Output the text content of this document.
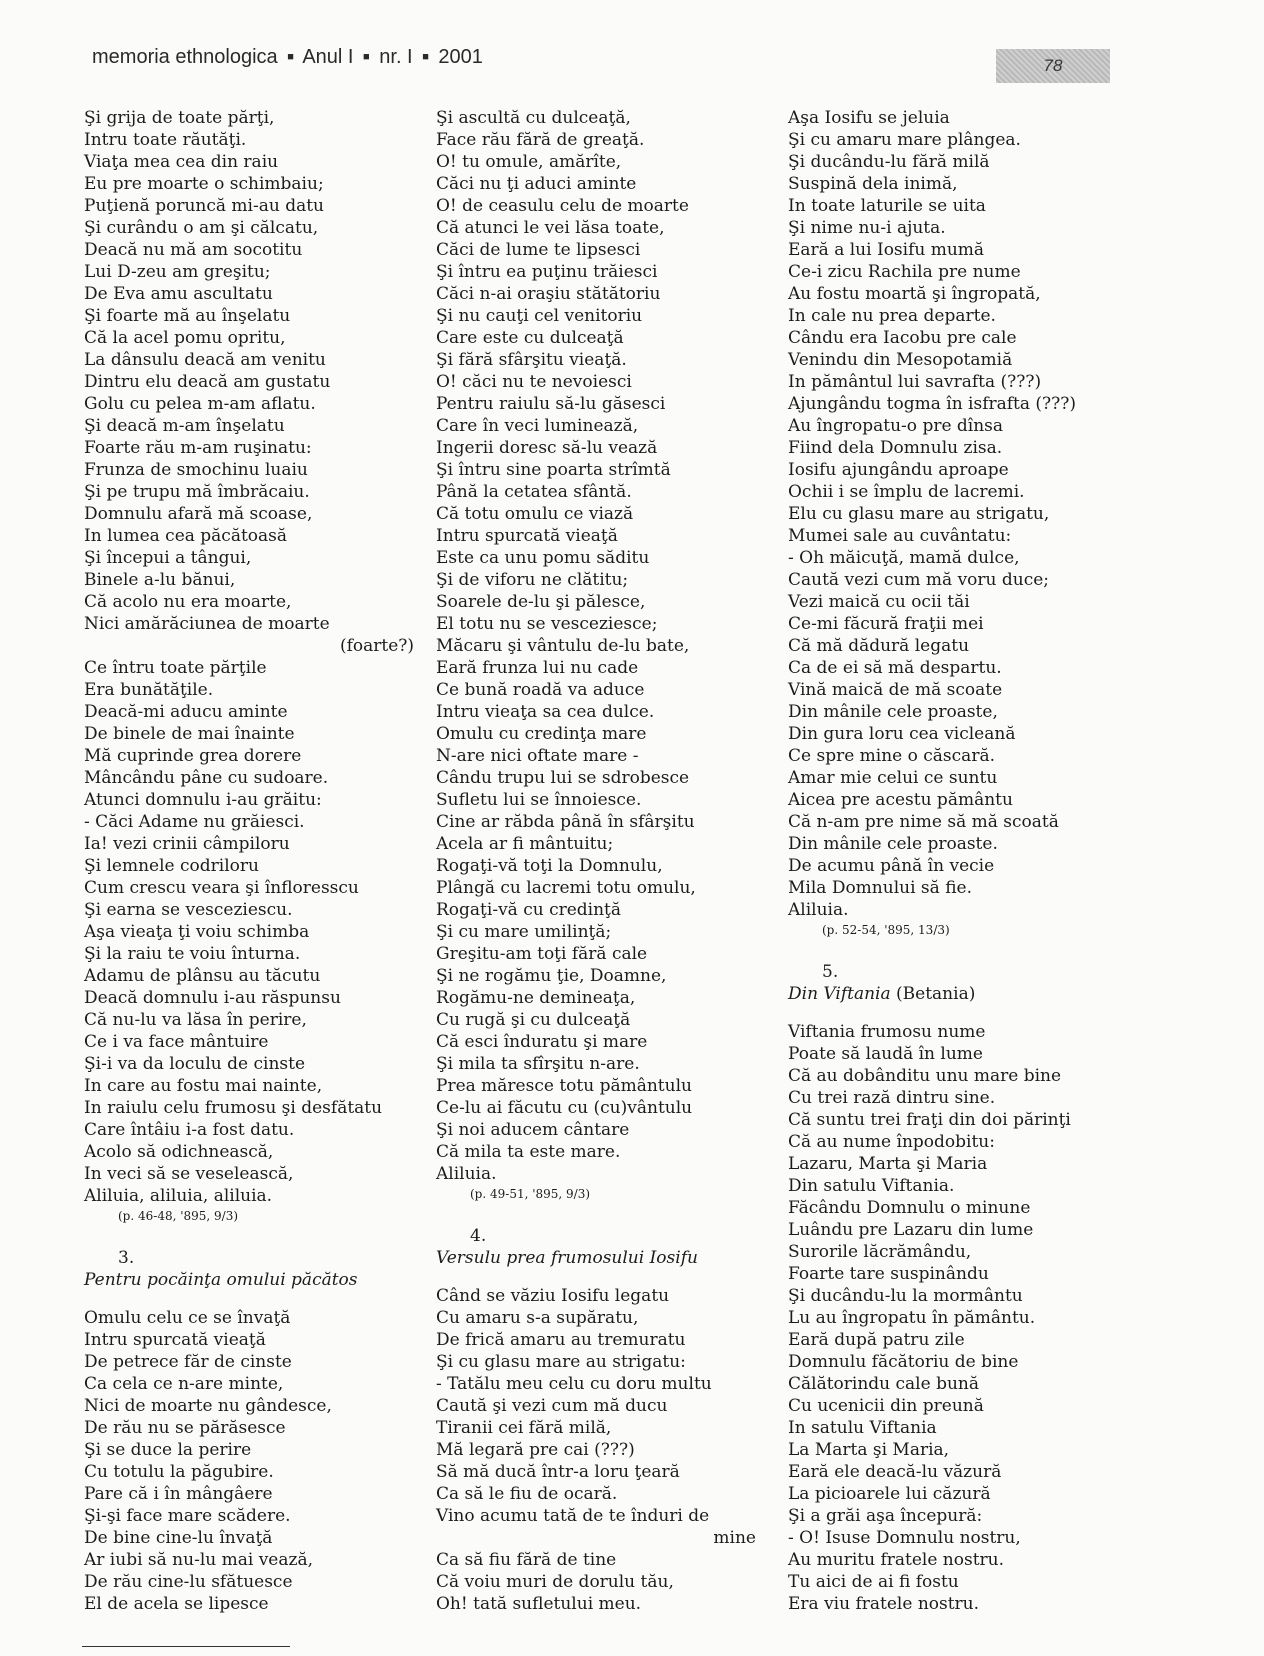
memoria ethnologica ■ Anul I ■ nr. I ■ 2001	78
Şi grija de toate părţi,
Intru toate răutăţi.
Viaţa mea cea din raiu
Eu pre moarte o schimbaiu;
Puţienă poruncă mi-au datu
Şi curându o am şi călcatu,
Deacă nu mă am socotitu
Lui D-zeu am greşitu;
De Eva amu ascultatu
Şi foarte mă au înşelatu
Că la acel pomu opritu,
La dânsulu deacă am venitu
Dintru elu deacă am gustatu
Golu cu pelea m-am aflatu.
Şi deacă m-am înşelatu
Foarte rău m-am ruşinatu:
Frunza de smochinu luaiu
Şi pe trupu mă îmbrăcaiu.
Domnulu afară mă scoase,
In lumea cea păcătoasă
Şi începui a tângui,
Binele a-lu bănui,
Că acolo nu era moarte,
Nici amărăciunea de moarte
(foarte?)
Ce întru toate părţile
Era bunătăţile.
Deacă-mi aducu aminte
De binele de mai înainte
Mă cuprinde grea dorere
Mâncându pâne cu sudoare.
Atunci domnulu i-au grăitu:
- Căci Adame nu grăiesci.
Ia! vezi crinii câmpiloru
Şi lemnele codriloru
Cum crescu veara şi înfloresscu
Şi earna se vesceziescu.
Aşa vieaţa ţi voiu schimba
Şi la raiu te voiu înturna.
Adamu de plânsu au tăcutu
Deacă domnulu i-au răspunsu
Că nu-lu va lăsa în perire,
Ce i va face mântuire
Şi-i va da loculu de cinste
In care au fostu mai nainte,
In raiulu celu frumosu şi desfătatu
Care întâiu i-a fost datu.
Acolo să odichnească,
In veci să se veselească,
Aliluia, aliluia, aliluia.
(p. 46-48, '895, 9/3)
3.
Pentru pocăinţa omului păcătos
Omulu celu ce se învaţă
Intru spurcată vieaţă
De petrece făr de cinste
Ca cela ce n-are minte,
Nici de moarte nu gândesce,
De rău nu se părăsesce
Şi se duce la perire
Cu totulu la păgubire.
Pare că i în mângâere
Şi-şi face mare scădere.
De bine cine-lu învaţă
Ar iubi să nu-lu mai vează,
De rău cine-lu sfătuesce
El de acela se lipesce
Şi ascultă cu dulceaţă,
Face rău fără de greaţă.
O! tu omule, amărîte,
Căci nu ţi aduci aminte
O! de ceasulu celu de moarte
Că atunci le vei lăsa toate,
Căci de lume te lipsesci
Şi întru ea puţinu trăiesci
Căci n-ai oraşiu stătătoriu
Şi nu cauţi cel venitoriu
Care este cu dulceaţă
Şi fără sfârşitu vieaţă.
O! căci nu te nevoiesci
Pentru raiulu să-lu găsesci
Care în veci luminează,
Ingerii doresc să-lu vează
Şi întru sine poarta strîmtă
Până la cetatea sfântă.
Că totu omulu ce viază
Intru spurcată vieaţă
Este ca unu pomu săditu
Şi de viforu ne clătitu;
Soarele de-lu şi pălesce,
El totu nu se vesceziesce;
Măcaru şi vântulu de-lu bate,
Eară frunza lui nu cade
Ce bună roadă va aduce
Intru vieaţa sa cea dulce.
Omulu cu credinţa mare
N-are nici oftate mare -
Cându trupu lui se sdrobesce
Sufletu lui se înnoiesce.
Cine ar răbda până în sfârşitu
Acela ar fi mântuitu;
Rogaţi-vă toţi la Domnulu,
Plângă cu lacremi totu omulu,
Rogaţi-vă cu credinţă
Şi cu mare umilinţă;
Greşitu-am toţi fără cale
Şi ne rogămu ţie, Doamne,
Rogămu-ne demineaţa,
Cu rugă şi cu dulceaţă
Că esci înduratu şi mare
Şi mila ta sfîrşitu n-are.
Prea mărescе totu pământulu
Ce-lu ai făcutu cu (cu)vântulu
Şi noi aducem cântare
Că mila ta este mare.
Aliluia.
(p. 49-51, '895, 9/3)
4.
Versulu prea frumosului Iosifu
Când se văziu Iosifu legatu
Cu amaru s-a supăratu,
De frică amaru au tremuratu
Şi cu glasu mare au strigatu:
- Tatălu meu celu cu doru multu
Caută şi vezi cum mă ducu
Tiranii cei fără milă,
Mă legară pre cai (???)
Să mă ducă într-a loru ţeară
Ca să le fiu de ocară.
Vino acumu tată de te înduri de
mine
Ca să fiu fără de tine
Că voiu muri de dorulu tău,
Oh! tată sufletului meu.
Aşa Iosifu se jeluia
Şi cu amaru mare plângea.
Şi ducându-lu fără milă
Suspină dela inimă,
In toate laturile se uita
Şi nime nu-i ajuta.
Eară a lui Iosifu mumă
Ce-i zicu Rachila pre nume
Au fostu moartă şi îngropată,
In cale nu prea departe.
Cându era Iacobu pre cale
Venindu din Mesopotamiă
In pământul lui savrafta (???)
Ajungându togma în isfrafta (???)
Au îngropatu-o pre dînsa
Fiind dela Domnulu zisa.
Iosifu ajungându aproape
Ochii i se împlu de lacremi.
Elu cu glasu mare au strigatu,
Mumei sale au cuvântatu:
- Oh măicuţă, mamă dulce,
Caută vezi cum mă voru duce;
Vezi maică cu ocii tăi
Ce-mi făcură fraţii mei
Că mă dădură legatu
Ca de ei să mă despartu.
Vină maică de mă scoate
Din mânile cele proaste,
Din gura loru cea vicleană
Ce spre mine o căscară.
Amar mie celui ce suntu
Aicea pre acestu pământu
Că n-am pre nime să mă scoată
Din mânile cele proaste.
De acumu până în vecie
Mila Domnului să fie.
Aliluia.
(p. 52-54, '895, 13/3)
5.
Din Viftania (Betania)
Viftania frumosu nume
Poate să laudă în lume
Că au dobânditu unu mare bine
Cu trei rază dintru sine.
Că suntu trei fraţi din doi părinţi
Că au nume înpodobitu:
Lazaru, Marta şi Maria
Din satulu Viftania.
Făcându Domnulu o minune
Luându pre Lazaru din lume
Surorile lăcrămându,
Foarte tare suspinându
Şi ducându-lu la mormântu
Lu au îngropatu în pământu.
Eară după patru zile
Domnulu făcătoriu de bine
Călătorindu cale bună
Cu ucenicii din preună
In satulu Viftania
La Marta şi Maria,
Eară ele deacă-lu văzură
La picioarele lui căzură
Şi a grăi aşa începură:
- O! Isuse Domnulu nostru,
Au muritu fratele nostru.
Tu aici de ai fi fostu
Era viu fratele nostru.
